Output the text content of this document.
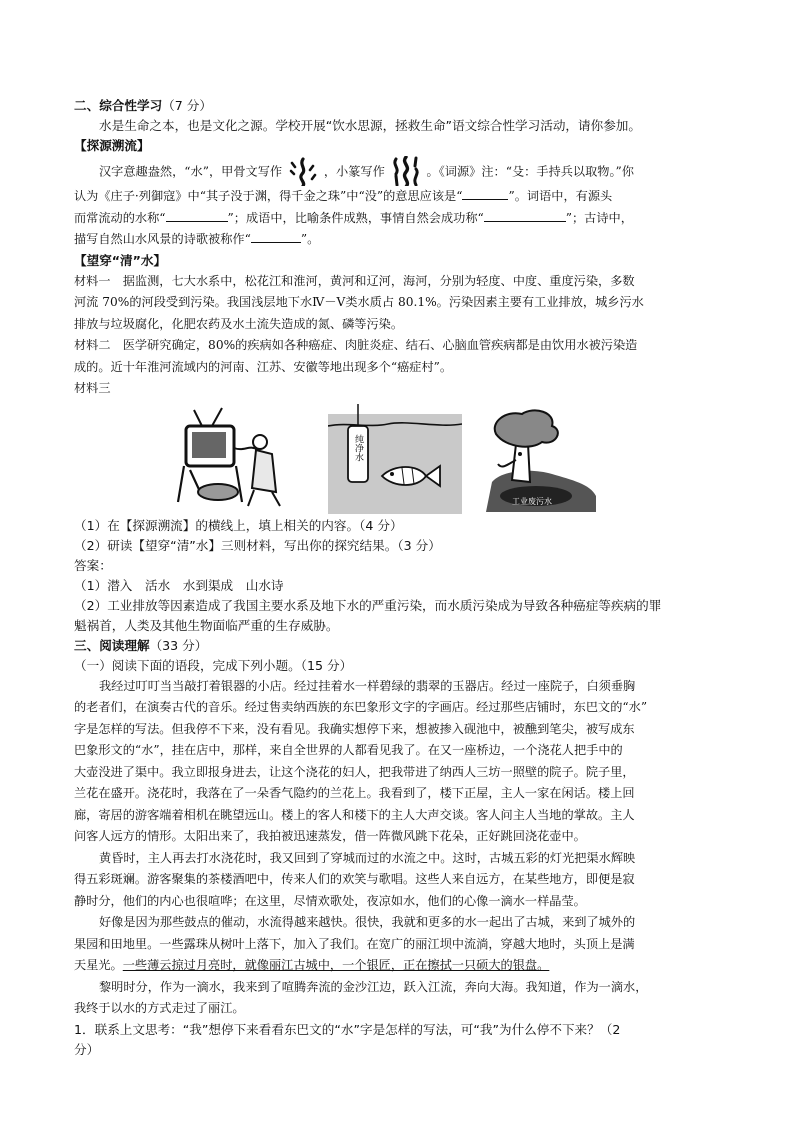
二、综合性学习（7 分）
水是生命之本，也是文化之源。学校开展“饮水思源，拯救生命”语文综合性学习活动，请你参加。
【探源溯流】
汉字意趣盎然，“水”，甲骨文写作	，小篆写作	。《词源》注：“殳：手持兵以取物。”你
认为《庄子·列御寇》中“其子没于渊，得千金之珠”中“没”的意思应该是“	”。词语中，有源头
而常流动的水称“	”；成语中，比喻条件成熟，事情自然会成功称“	”；古诗中，
描写自然山水风景的诗歌被称作“	”。
【望穿“清”水】
材料一　据监测，七大水系中，松花江和淮河，黄河和辽河，海河，分别为轻度、中度、重度污染，多数
河流 70%的河段受到污染。我国浅层地下水Ⅳ－Ⅴ类水质占 80.1%。污染因素主要有工业排放，城乡污水
排放与垃圾腐化，化肥农药及水土流失造成的氮、磷等污染。
材料二　医学研究确定，80%的疾病如各种癌症、肉脏炎症、结石、心脑血管疾病都是由饮用水被污染造
成的。近十年淮河流域内的河南、江苏、安徽等地出现多个“癌症村”。
材料三
纯净水
工业废污水
（1）在【探源溯流】的横线上，填上相关的内容。（4 分）
（2）研读【望穿“清”水】三则材料，写出你的探究结果。（3 分）
答案：
（1）潜入　活水　水到渠成　山水诗
（2）工业排放等因素造成了我国主要水系及地下水的严重污染，而水质污染成为导致各种癌症等疾病的罪
魁祸首，人类及其他生物面临严重的生存威胁。
三、阅读理解（33 分）
（一）阅读下面的语段，完成下列小题。（15 分）
我经过叮叮当当敲打着银器的小店。经过挂着水一样碧绿的翡翠的玉器店。经过一座院子，白须垂胸
的老者们，在演奏古代的音乐。经过售卖纳西族的东巴象形文字的字画店。经过那些店铺时，东巴文的“水”
字是怎样的写法。但我停不下来，没有看见。我确实想停下来，想被掺入砚池中，被醮到笔尖，被写成东
巴象形文的“水”，挂在店中，那样，来自全世界的人都看见我了。在又一座桥边，一个浇花人把手中的
大壶没进了渠中。我立即报身进去，让这个浇花的妇人，把我带进了纳西人三坊一照壁的院子。院子里，
兰花在盛开。浇花时，我落在了一朵香气隐约的兰花上。我看到了，楼下正屋，主人一家在闲话。楼上回
廊，寄居的游客端着相机在眺望远山。楼上的客人和楼下的主人大声交谈。客人问主人当地的掌故。主人
问客人远方的情形。太阳出来了，我拍被迅速蒸发，借一阵微风跳下花朵，正好跳回浇花壶中。
黄昏时，主人再去打水浇花时，我又回到了穿城而过的水流之中。这时，古城五彩的灯光把渠水辉映
得五彩斑斓。游客聚集的茶楼酒吧中，传来人们的欢笑与歌唱。这些人来自远方，在某些地方，即便是寂
静时分，他们的内心也很喧哗；在这里，尽情欢歌处，夜凉如水，他们的心像一滴水一样晶莹。
好像是因为那些鼓点的催动，水流得越来越快。很快，我就和更多的水一起出了古城，来到了城外的
果园和田地里。一些露珠从树叶上落下，加入了我们。在宽广的丽江坝中流淌，穿越大地时，头顶上是满
天星光。一些薄云掠过月亮时，就像丽江古城中，一个银匠，正在擦拭一只硕大的银盘。
黎明时分，作为一滴水，我来到了喧腾奔流的金沙江边，跃入江流，奔向大海。我知道，作为一滴水，
我终于以水的方式走过了丽江。
1．联系上文思考：“我”想停下来看看东巴文的“水”字是怎样的写法，可“我”为什么停不下来？（2
分）
